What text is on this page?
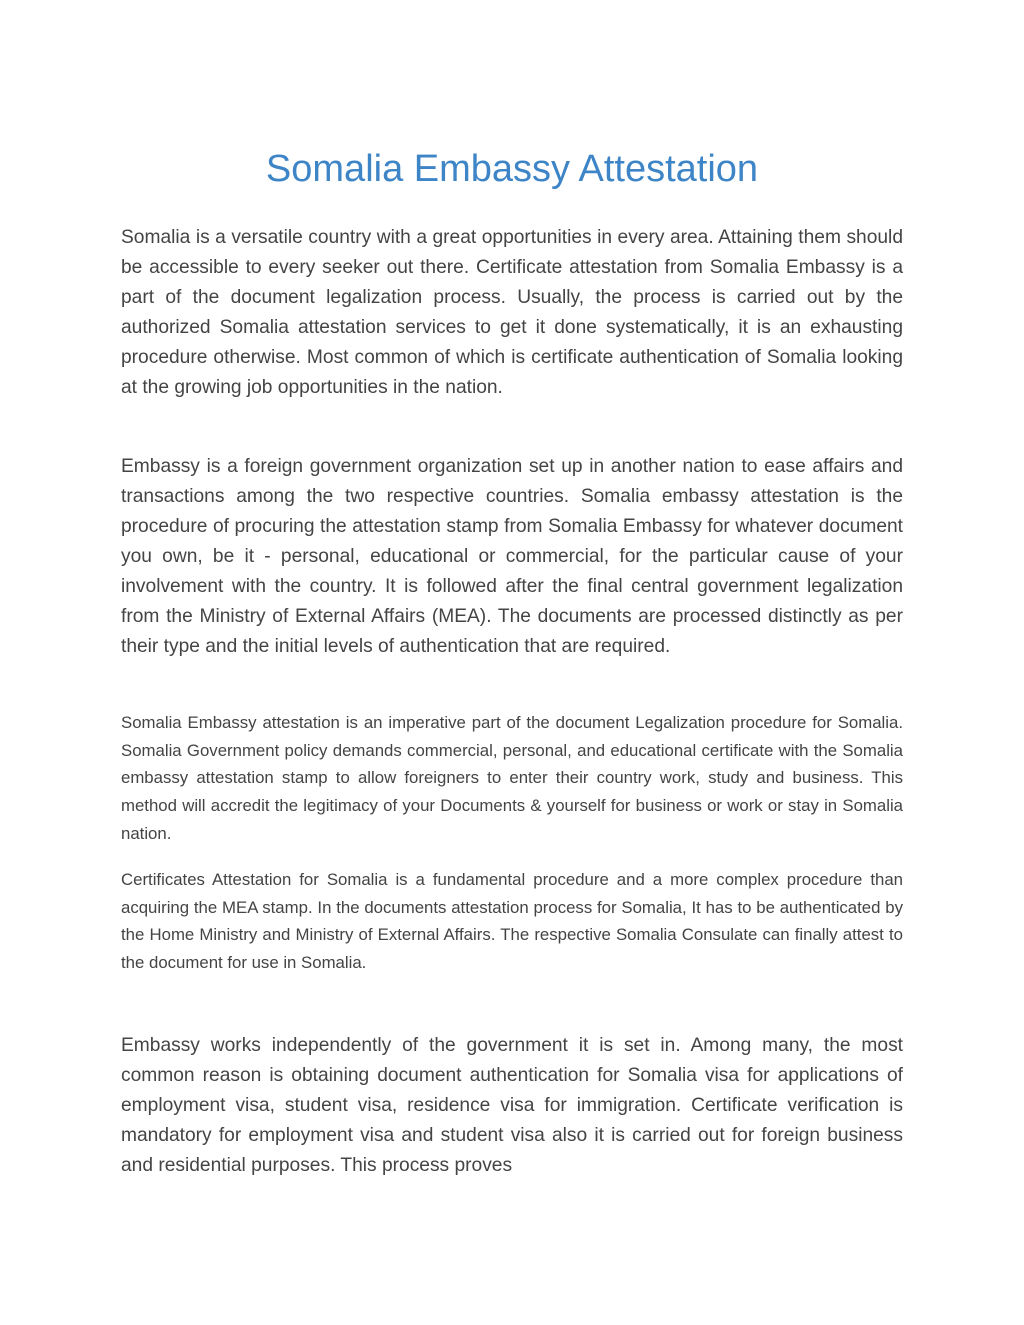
Somalia Embassy Attestation

Somalia is a versatile country with a great opportunities in every area. Attaining them should be accessible to every seeker out there. Certificate attestation from Somalia Embassy is a part of the document legalization process. Usually, the process is carried out by the authorized Somalia attestation services to get it done systematically, it is an exhausting procedure otherwise. Most common of which is certificate authentication of Somalia looking at the growing job opportunities in the nation.

Embassy is a foreign government organization set up in another nation to ease affairs and transactions among the two respective countries. Somalia embassy attestation is the procedure of procuring the attestation stamp from Somalia Embassy for whatever document you own, be it - personal, educational or commercial, for the particular cause of your involvement with the country. It is followed after the final central government legalization from the Ministry of External Affairs (MEA). The documents are processed distinctly as per their type and the initial levels of authentication that are required.

Somalia Embassy attestation is an imperative part of the document Legalization procedure for Somalia. Somalia Government policy demands commercial, personal, and educational certificate with the Somalia embassy attestation stamp to allow foreigners to enter their country work, study and business. This method will accredit the legitimacy of your Documents & yourself for business or work or stay in Somalia nation.

Certificates Attestation for Somalia is a fundamental procedure and a more complex procedure than acquiring the MEA stamp. In the documents attestation process for Somalia, It has to be authenticated by the Home Ministry and Ministry of External Affairs. The respective Somalia Consulate can finally attest to the document for use in Somalia.

Embassy works independently of the government it is set in. Among many, the most common reason is obtaining document authentication for Somalia visa for applications of employment visa, student visa, residence visa for immigration. Certificate verification is mandatory for employment visa and student visa also it is carried out for foreign business and residential purposes. This process proves
